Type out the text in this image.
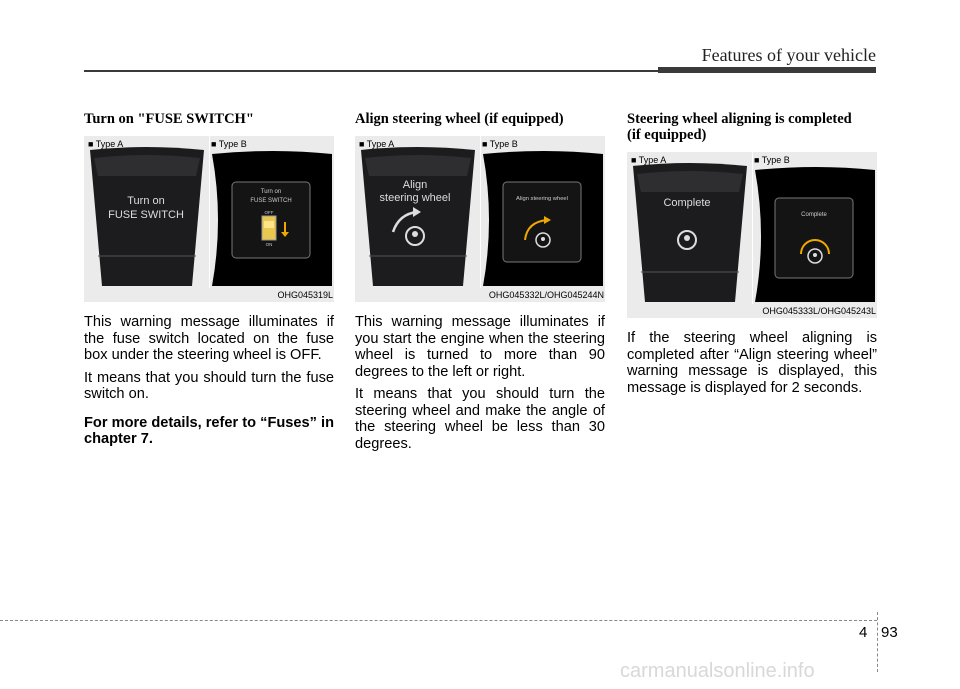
Features of your vehicle
Turn on "FUSE SWITCH"
■ Type A	■ Type B
Turn on
FUSE SWITCH
Turn on
FUSE SWITCH
OFF
ON
OHG045319L

This warning message illuminates if the fuse switch located on the fuse box under the steering wheel is OFF.

It means that you should turn the fuse switch on.

For more details, refer to “Fuses” in chapter 7.

Align steering wheel (if equipped)
■ Type A	■ Type B
Align
steering wheel	Align steering wheel
OHG045332L/OHG045244N

This warning message illuminates if you start the engine when the steering wheel is turned to more than 90 degrees to the left or right.

It means that you should turn the steering wheel and make the angle of the steering wheel be less than 30 degrees.

Steering wheel aligning is completed
(if equipped)
■ Type A	■ Type B
Complete
Complete
OHG045333L/OHG045243L

If the steering wheel aligning is completed after “Align steering wheel” warning message is displayed, this message is displayed for 2 seconds.

4 93
carmanualsonline.info
